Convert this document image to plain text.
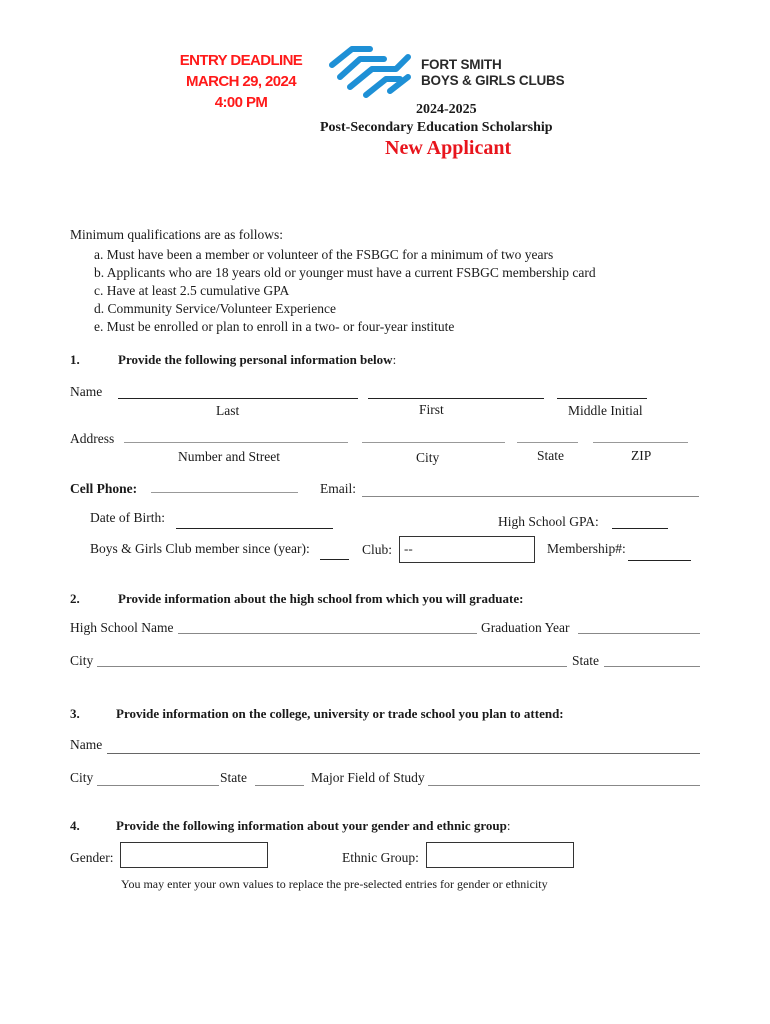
ENTRY DEADLINE
MARCH 29, 2024
4:00 PM
FORT SMITH
BOYS & GIRLS CLUBS
2024-2025
Post-Secondary Education Scholarship
New Applicant
Minimum qualifications are as follows:
a. Must have been a member or volunteer of the FSBGC for a minimum of two years
b. Applicants who are 18 years old or younger must have a current FSBGC membership card
c. Have at least 2.5 cumulative GPA
d. Community Service/Volunteer Experience
e. Must be enrolled or plan to enroll in a two- or four-year institute
1.	Provide the following personal information below:
Name
Last	First	Middle Initial
Address
Number and Street	City	State	ZIP
Cell Phone:	Email:
Date of Birth:	High School GPA:
Boys & Girls Club member since (year):	Club: --	Membership#:
2.	Provide information about the high school from which you will graduate:
High School Name	Graduation Year
City	State
3.	Provide information on the college, university or trade school you plan to attend:
Name
City	State	Major Field of Study
4.	Provide the following information about your gender and ethnic group:
Gender:	Ethnic Group:
You may enter your own values to replace the pre-selected entries for gender or ethnicity
